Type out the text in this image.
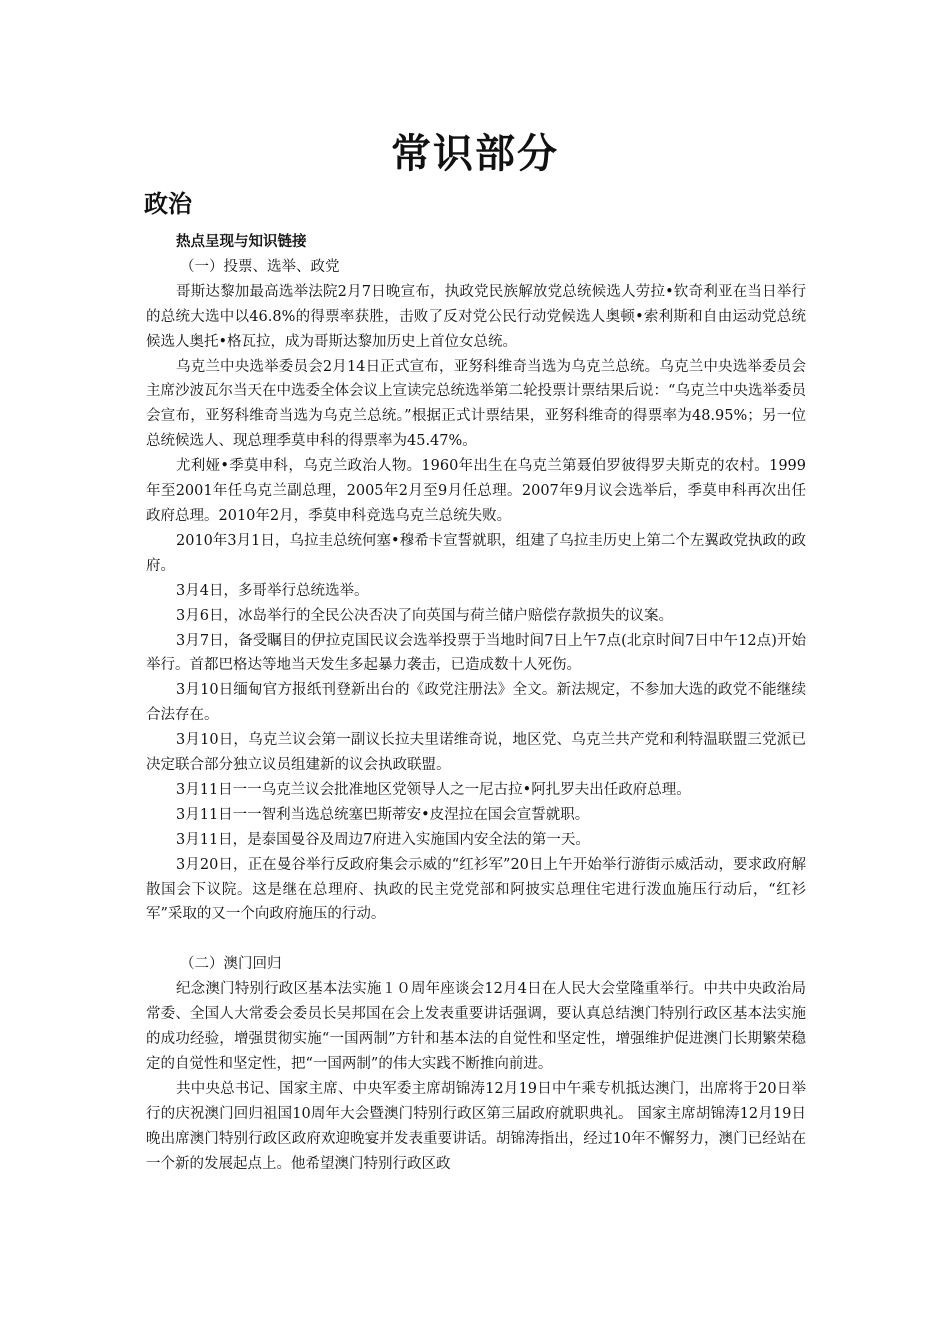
常识部分
政治

热点呈现与知识链接

（一）投票、选举、政党

哥斯达黎加最高选举法院2月7日晚宣布，执政党民族解放党总统候选人劳拉•钦奇利亚在当日举行的总统大选中以46.8%的得票率获胜，击败了反对党公民行动党候选人奥顿•索利斯和自由运动党总统候选人奥托•格瓦拉，成为哥斯达黎加历史上首位女总统。

乌克兰中央选举委员会2月14日正式宣布，亚努科维奇当选为乌克兰总统。乌克兰中央选举委员会主席沙波瓦尔当天在中选委全体会议上宣读完总统选举第二轮投票计票结果后说：“乌克兰中央选举委员会宣布，亚努科维奇当选为乌克兰总统。”根据正式计票结果，亚努科维奇的得票率为48.95%；另一位总统候选人、现总理季莫申科的得票率为45.47%。

尤利娅•季莫申科，乌克兰政治人物。1960年出生在乌克兰第聂伯罗彼得罗夫斯克的农村。1999年至2001年任乌克兰副总理，2005年2月至9月任总理。2007年9月议会选举后，季莫申科再次出任政府总理。2010年2月，季莫申科竞选乌克兰总统失败。

2010年3月1日，乌拉圭总统何塞•穆希卡宣誓就职，组建了乌拉圭历史上第二个左翼政党执政的政府。

3月4日，多哥举行总统选举。

3月6日，冰岛举行的全民公决否决了向英国与荷兰储户赔偿存款损失的议案。

3月7日，备受瞩目的伊拉克国民议会选举投票于当地时间7日上午7点(北京时间7日中午12点)开始举行。首都巴格达等地当天发生多起暴力袭击，已造成数十人死伤。

3月10日缅甸官方报纸刊登新出台的《政党注册法》全文。新法规定，不参加大选的政党不能继续合法存在。

3月10日，乌克兰议会第一副议长拉夫里诺维奇说，地区党、乌克兰共产党和利特温联盟三党派已决定联合部分独立议员组建新的议会执政联盟。

3月11日一一乌克兰议会批准地区党领导人之一尼古拉•阿扎罗夫出任政府总理。

3月11日一一智利当选总统塞巴斯蒂安•皮涅拉在国会宣誓就职。

3月11日，是泰国曼谷及周边7府进入实施国内安全法的第一天。

3月20日，正在曼谷举行反政府集会示威的“红衫军”20日上午开始举行游街示威活动，要求政府解散国会下议院。这是继在总理府、执政的民主党党部和阿披实总理住宅进行泼血施压行动后，“红衫军”采取的又一个向政府施压的行动。

（二）澳门回归

纪念澳门特别行政区基本法实施１０周年座谈会12月4日在人民大会堂隆重举行。中共中央政治局常委、全国人大常委会委员长吴邦国在会上发表重要讲话强调，要认真总结澳门特别行政区基本法实施的成功经验，增强贯彻实施“一国两制”方针和基本法的自觉性和坚定性，增强维护促进澳门长期繁荣稳定的自觉性和坚定性，把“一国两制”的伟大实践不断推向前进。

共中央总书记、国家主席、中央军委主席胡锦涛12月19日中午乘专机抵达澳门，出席将于20日举行的庆祝澳门回归祖国10周年大会暨澳门特别行政区第三届政府就职典礼。 国家主席胡锦涛12月19日晚出席澳门特别行政区政府欢迎晚宴并发表重要讲话。胡锦涛指出，经过10年不懈努力，澳门已经站在一个新的发展起点上。他希望澳门特别行政区政
